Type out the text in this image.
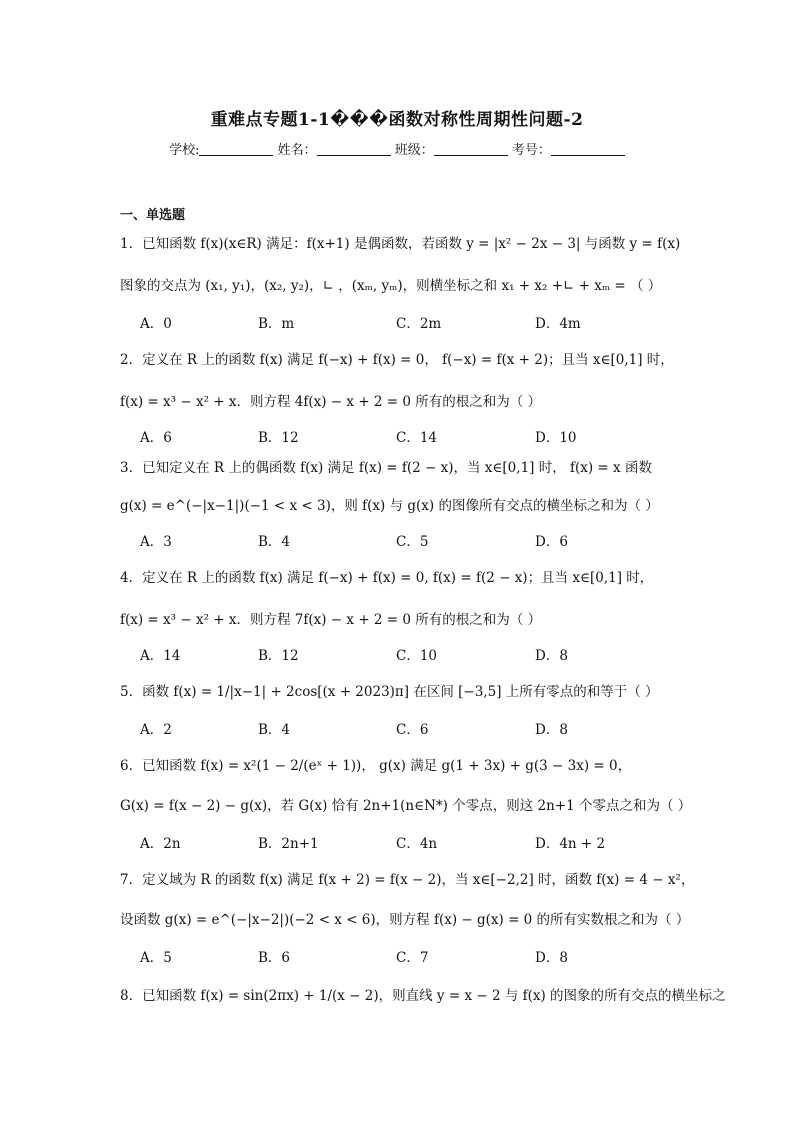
重难点专题1-1���函数对称性周期性问题-2
学校:	姓名：	班级：	考号：
一、单选题
1．已知函数 f(x)(x∈R) 满足：f(x+1) 是偶函数，若函数 y = |x² − 2x − 3| 与函数 y = f(x)
图象的交点为 (x₁, y₁)，(x₂, y₂)，∟ ，(xₘ, yₘ)，则横坐标之和 x₁ + x₂ +∟ + xₘ = （ ）
A．0	B．m	C．2m	D．4m
2．定义在 R 上的函数 f(x) 满足 f(−x) + f(x) = 0， f(−x) = f(x + 2)；且当 x∈[0,1] 时，
f(x) = x³ − x² + x．则方程 4f(x) − x + 2 = 0 所有的根之和为（ ）
A．6	B．12	C．14	D．10
3．已知定义在 R 上的偶函数 f(x) 满足 f(x) = f(2 − x)，当 x∈[0,1] 时， f(x) = x 函数
g(x) = e^(−|x−1|)(−1 < x < 3)，则 f(x) 与 g(x) 的图像所有交点的横坐标之和为（ ）
A．3	B．4	C．5	D．6
4．定义在 R 上的函数 f(x) 满足 f(−x) + f(x) = 0, f(x) = f(2 − x)；且当 x∈[0,1] 时，
f(x) = x³ − x² + x．则方程 7f(x) − x + 2 = 0 所有的根之和为（ ）
A．14	B．12	C．10	D．8
5．函数 f(x) = 1/|x−1| + 2cos[(x + 2023)π] 在区间 [−3,5] 上所有零点的和等于（ ）
A．2	B．4	C．6	D．8
6．已知函数 f(x) = x²(1 − 2/(eˣ + 1))， g(x) 满足 g(1 + 3x) + g(3 − 3x) = 0，
G(x) = f(x − 2) − g(x)，若 G(x) 恰有 2n+1(n∈N*) 个零点，则这 2n+1 个零点之和为（ ）
A．2n	B．2n+1	C．4n	D．4n + 2
7．定义域为 R 的函数 f(x) 满足 f(x + 2) = f(x − 2)，当 x∈[−2,2] 时，函数 f(x) = 4 − x²，
设函数 g(x) = e^(−|x−2|)(−2 < x < 6)，则方程 f(x) − g(x) = 0 的所有实数根之和为（ ）
A．5	B．6	C．7	D．8
8．已知函数 f(x) = sin(2πx) + 1/(x − 2)，则直线 y = x − 2 与 f(x) 的图象的所有交点的横坐标之
